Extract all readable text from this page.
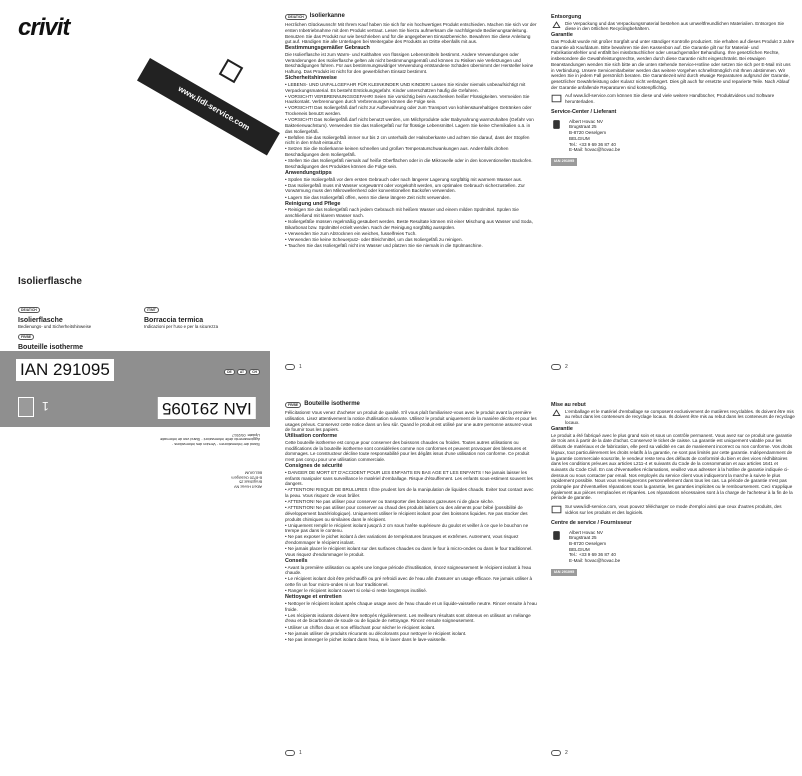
crivit
www.lidl-service.com
Isolierflasche
DE/AT/CH
Isolierflasche
Bedienungs- und Sicherheitshinweise
IT/MT
Borraccia termica
Indicazioni per l'uso e per la sicurezza
FR/BE
Bouteille isotherme
IAN 291095	DE	AT	CH
IAN 291095
1
Stand der Informationen · Version des informations ·
Aggiornamento delle informazioni · Stand van de informatie
Update: 09/2017
Albert Hovac NV
Brugstraat 25
B-8720 Oeselgem
BELGIUM
DE/AT/CH	Isolierkanne

Herzlichen Glückwunsch! Mit Ihrem Kauf haben Sie sich für ein hochwertiges Produkt entschieden. Machen Sie sich vor der ersten Inbetriebnahme mit dem Produkt vertraut. Lesen Sie hierzu aufmerksam die nachfolgende Bedienungsanleitung. Benutzen Sie das Produkt nur wie beschrieben und für die angegebenen Einsatzbereiche. Bewahren Sie diese Anleitung gut auf. Händigen Sie alle Unterlagen bei Weitergabe des Produkts an Dritte ebenfalls mit aus.

Bestimmungsgemäßer Gebrauch

Die Isolierflasche ist zum Warm- und Kalthalten von flüssigen Lebensmitteln bestimmt. Andere Verwendungen oder Veränderungen des Isolierflasche gelten als nicht bestimmungsgemäß und können zu Risiken wie Verletzungen und Beschädigungen führen. Für aus bestimmungswidriger Verwendung entstandene Schäden übernimmt der Hersteller keine Haftung. Das Produkt ist nicht für den gewerblichen Einsatz bestimmt.

Sicherheitshinweise

• LEBENS- UND UNFALLGEFAHR FÜR KLEINKINDER UND KINDER! Lassen Sie Kinder niemals unbeaufsichtigt mit Verpackungsmaterial. Es besteht Erstickungsgefahr. Kinder unterschätzen häufig die Gefahren.

• VORSICHT! VERBRENNUNGSGEFAHR! Seien Sie vorsichtig beim Ausschenken heißer Flüssigkeiten. Vermeiden Sie Hautkontakt. Verbrennungen durch Verbrennungen können die Folge sein.

• VORSICHT! Das Isoliergefäß darf nicht zur Aufbewahrung oder zum Transport von kohlensäurehaltigen Getränken oder Trockeneis benutzt werden.

• VORSICHT! Das Isoliergefäß darf nicht benutzt werden, um Milchprodukte oder Babynahrung warmzuhalten (Gefahr von Bakterienwachstum). Verwenden Sie das Isoliergefäß nur für flüssige Lebensmittel. Lagern Sie keine Chemikalien o.ä. in das Isoliergefäß.

• Befüllen Sie das Isoliergefäß immer nur bis 2 cm unterhalb der Halsoberkante und achten Sie darauf, dass der Stopfen nicht in den Inhalt eintaucht.

• Setzen Sie die Isolierkanne keinen schnellen und großen Temperaturschwankungen aus. Andernfalls drohen Beschädigungen dem Isoliergefäß.

• Stellen Sie das Isoliergefäß niemals auf heiße Oberflächen oder in die Mikrowelle oder in den konventionellen Backofen. Beschädigungen des Produktes können die Folge sein.

Anwendungstipps

• Spülen Sie Isoliergefäß vor dem ersten Gebrauch oder nach längerer Lagerung sorgfältig mit warmem Wasser aus.

• Das Isoliergefäß muss mit Wasser vorgewärmt oder vorgekühlt werden, um optimalen Gebrauch sicherzustellen. Zur Vorwärmung muss den Mikrowellenherd oder konventionellen Backofen verwenden.

• Lagern Sie das Isoliergefäß offen, wenn Sie diese längere Zeit nicht verwenden.

Reinigung und Pflege

• Reinigen Sie das Isoliergefäß nach jedem Gebrauch mit heißem Wasser und einem milden Spülmittel. Spülen Sie anschließend mit klarem Wasser nach.

• Isoliergefäße müssen regelmäßig gesäubert werden. Beste Resultate können mit einer Mischung aus Wasser und Soda, Bikarbonat bzw. Spülmittel erzielt werden. Nach der Reinigung sorgfältig ausspülen.

• Verwenden Sie zum Abtrocknen ein weiches, fusselfreies Tuch.

• Verwenden Sie keine Scheuerputz- oder Bleichmittel, um das Isoliergefäß zu reinigen.

• Tauchen Sie das Isoliergefäß nicht ins Wasser und platzen Sie sie niemals in die Spülmaschine.

1
Entsorgung

Die Verpackung und das Verpackungsmaterial bestehen aus umweltfreundlichen Materialien. Entsorgen Sie diese in den örtlichen Recyclingbehältern.

Garantie

Das Produkt wurde mit großer Sorgfalt und unter ständiger Kontrolle produziert. Sie erhalten auf dieses Produkt 3 Jahre Garantie ab Kaufdatum. Bitte bewahren Sie den Kassenbon auf. Die Garantie gilt nur für Material- und Fabrikationsfehler und entfällt bei missbräuchlicher oder unsachgemäßer Behandlung. Ihre gesetzlichen Rechte, insbesondere die Gewährleistungsrechte, werden durch diese Garantie nicht eingeschränkt. Bei etwaigen Beanstandungen wenden Sie sich bitte an die unten stehende Service-Hotline oder setzen Sie sich per E-Mail mit uns in Verbindung. Unsere Servicemitarbeiter werden das weitere Vorgehen schnellstmöglich mit Ihnen abstimmen. Wir werden Sie in jedem Fall persönlich beraten. Die Garantiezeit wird durch etwaige Reparaturen aufgrund der Garantie, gesetzlicher Gewährleistung oder Kulanz nicht verlängert. Dies gilt auch für ersetzte und reparierte Teile. Nach Ablauf der Garantie anfallende Reparaturen sind kostenpflichtig.

Auf www.lidl-service.com können Sie diese und viele weitere Handbücher, Produktvideos und Software herunterladen.

Service-Center / Lieferant
Albert Hovac NV
Brugstraat 25
B-8720 Oeselgem
BELGIUM
Tel.: +33 9 69 36 87 40
E-Mail: hovac@hovac.be
IAN 291095
2
FR/BE	Bouteille isotherme

Félicitations! Vous venez d'acheter un produit de qualité. S'il vous plaît familiarisez-vous avec le produit avant la première utilisation. Lisez attentivement la notice d'utilisation suivante. Utilisez le produit uniquement de la manière décrite et pour les usages prévus. Conservez cette notice dans un lieu sûr. Quand le produit est utilisé par une autre personne assurez-vous de fournir tous les papiers.

Utilisation conforme

Cette bouteille isotherme est conçue pour conserver des boissons chaudes ou froides. Toutes autres utilisations ou modifications de la bouteille isotherme sont considérées comme non conformes et peuvent provoquer des blessures et dommages. Le constructeur décline toute responsabilité pour les dégâts issus d'une utilisation non conforme. Ce produit n'est pas conçu pour une utilisation commerciale.

Consignes de sécurité

• DANGER DE MORT ET D'ACCIDENT POUR LES ENFANTS EN BAS AGE ET LES ENFANTS ! Ne jamais laisser les enfants manipuler sans surveillance le matériel d'emballage. Risque d'étouffement. Les enfants sous-estiment souvent les dangers.

• ATTENTION! RISQUE DE BRULURES ! Être prudent lors de la manipulation de liquides chauds. Eviter tout contact avec la peau. Vous risquez de vous brûler.

• ATTENTION! Ne pas utiliser pour conserver ou transporter des boissons gazeuses ni de glace sèche.

• ATTENTION! Ne pas utiliser pour conserver au chaud des produits laitiers ou des aliments pour bébé (possibilité de développement bactériologique). Uniquement utiliser le récipient isolant pour des boissons liquides. Ne pas stocker des produits chimiques ou similaires dans le récipient.

• Uniquement remplir le récipient isolant jusqu'à 2 cm sous l'arête supérieure du goulot et veiller à ce que le bouchon ne trempe pas dans le contenu.

• Ne pas exposer le pichet isolant à des variations de températures brusques et extrêmes. Autrement, vous risquez d'endommager le récipient isolant.

• Ne jamais placer le récipient isolant sur des surfaces chaudes ou dans le four à micro-ondes ou dans le four traditionnel. Vous risquez d'endommager le produit.

Conseils

• Avant la première utilisation ou après une longue période d'inutilisation, rincez soigneusement le récipient isolant à l'eau chaude.

• Le récipient isolant doit être préchauffé ou pré refroidi avec de l'eau afin d'assurer un usage efficace. Ne jamais utiliser à cette fin un four micro-ondes ni un four traditionnel.

• Ranger le récipient isolant ouvert si celui-ci reste longtemps inutilisé.

Nettoyage et entretien

• Nettoyer le récipient isolant après chaque usage avec de l'eau chaude et un liquide-vaisselle neutre. Rincer ensuite à l'eau froide.

• Les récipients isolants doivent être nettoyés régulièrement. Les meilleurs résultats sont obtenus en utilisant un mélange d'eau et de bicarbonate de soude ou de liquide de nettoyage. Rincez ensuite soigneusement.

• Utiliser un chiffon doux et non effilochant pour sécher le récipient isolant.

• Ne jamais utiliser de produits récurants ou décolorants pour nettoyer le récipient isolant.

• Ne pas immerger le pichet isolant dans l'eau, ni le laver dans le lave-vaisselle.

1
Mise au rebut

L'emballage et le matériel d'emballage se composent exclusivement de matières recyclables. Ils doivent être mis au rebut dans les conteneurs de recyclage locaux. Ils doivent être mis au rebut dans les conteneurs de recyclage locaux.

Garantie

Le produit a été fabriqué avec le plus grand soin et sous un contrôle permanent. Vous avez sur ce produit une garantie de trois ans à partir de la date d'achat. Conservez le ticket de caisse. La garantie est uniquement valable pour les défauts de matériaux et de fabrication, elle perd sa validité en cas de maniement incorrect ou non conforme. Vos droits légaux, tout particulièrement les droits relatifs à la garantie, ne sont pas limités par cette garantie. Indépendamment de la garantie commerciale souscrite, le vendeur reste tenu des défauts de conformité du bien et des vices rédhibitoires dans les conditions prévues aux articles L211-4 et suivants du Code de la consommation et aux articles 1641 et suivants du Code Civil. En cas d'éventuelles réclamations, veuillez vous adresser à la hotline de garantie indiquée ci-dessous ou nous contacter par email. Nos employés du service client vous indiqueront la marche à suivre le plus rapidement possible. Nous vous renseignerons personnellement dans tous les cas. La période de garantie n'est pas prolongée par d'éventuelles réparations sous la garantie, les garanties implicites ou le remboursement. Ceci s'applique également aux pièces remplacées et réparées. Les réparations nécessaires sont à la charge de l'acheteur à la fin de la période de garantie.

Sur www.lidl-service.com, vous pouvez télécharger ce mode d'emploi ainsi que ceux d'autres produits, des vidéos sur les produits et des logiciels.

Centre de service / Fournisseur
Albert Hovac NV
Brugstraat 25
B-8720 Oeselgem
BELGIUM
Tel.: +33 9 69 36 87 40
E-Mail: hovac@hovac.be
IAN 291095
2
